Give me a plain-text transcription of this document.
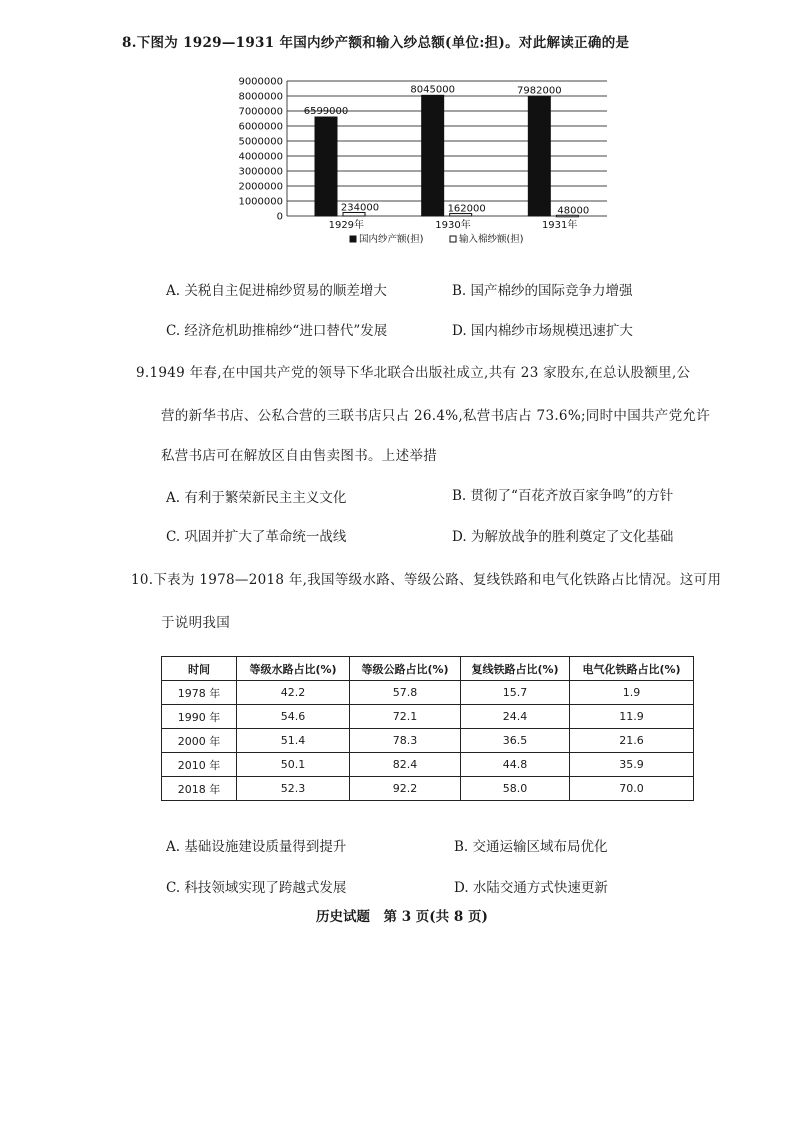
8.下图为 1929—1931 年国内纱产额和输入纱总额(单位:担)。对此解读正确的是
0
1000000
2000000
3000000
4000000
5000000
6000000
7000000
8000000
9000000
6599000
234000
1929年
8045000
162000
1930年
7982000
48000
1931年
国内纱产额(担)	输入棉纱额(担)
A. 关税自主促进棉纱贸易的顺差增大	B. 国产棉纱的国际竞争力增强
C. 经济危机助推棉纱“进口替代”发展	D. 国内棉纱市场规模迅速扩大
9.1949 年春,在中国共产党的领导下华北联合出版社成立,共有 23 家股东,在总认股额里,公
营的新华书店、公私合营的三联书店只占 26.4%,私营书店占 73.6%;同时中国共产党允许
私营书店可在解放区自由售卖图书。上述举措
A. 有利于繁荣新民主主义文化	B. 贯彻了“百花齐放百家争鸣”的方针
C. 巩固并扩大了革命统一战线	D. 为解放战争的胜利奠定了文化基础
10.下表为 1978—2018 年,我国等级水路、等级公路、复线铁路和电气化铁路占比情况。这可用
于说明我国
时间	等级水路占比(%)	等级公路占比(%)	复线铁路占比(%)	电气化铁路占比(%)
1978 年	42.2	57.8	15.7	1.9
1990 年	54.6	72.1	24.4	11.9
2000 年	51.4	78.3	36.5	21.6
2010 年	50.1	82.4	44.8	35.9
2018 年	52.3	92.2	58.0	70.0
A. 基础设施建设质量得到提升	B. 交通运输区域布局优化
C. 科技领域实现了跨越式发展	D. 水陆交通方式快速更新
历史试题　第 3 页(共 8 页)
